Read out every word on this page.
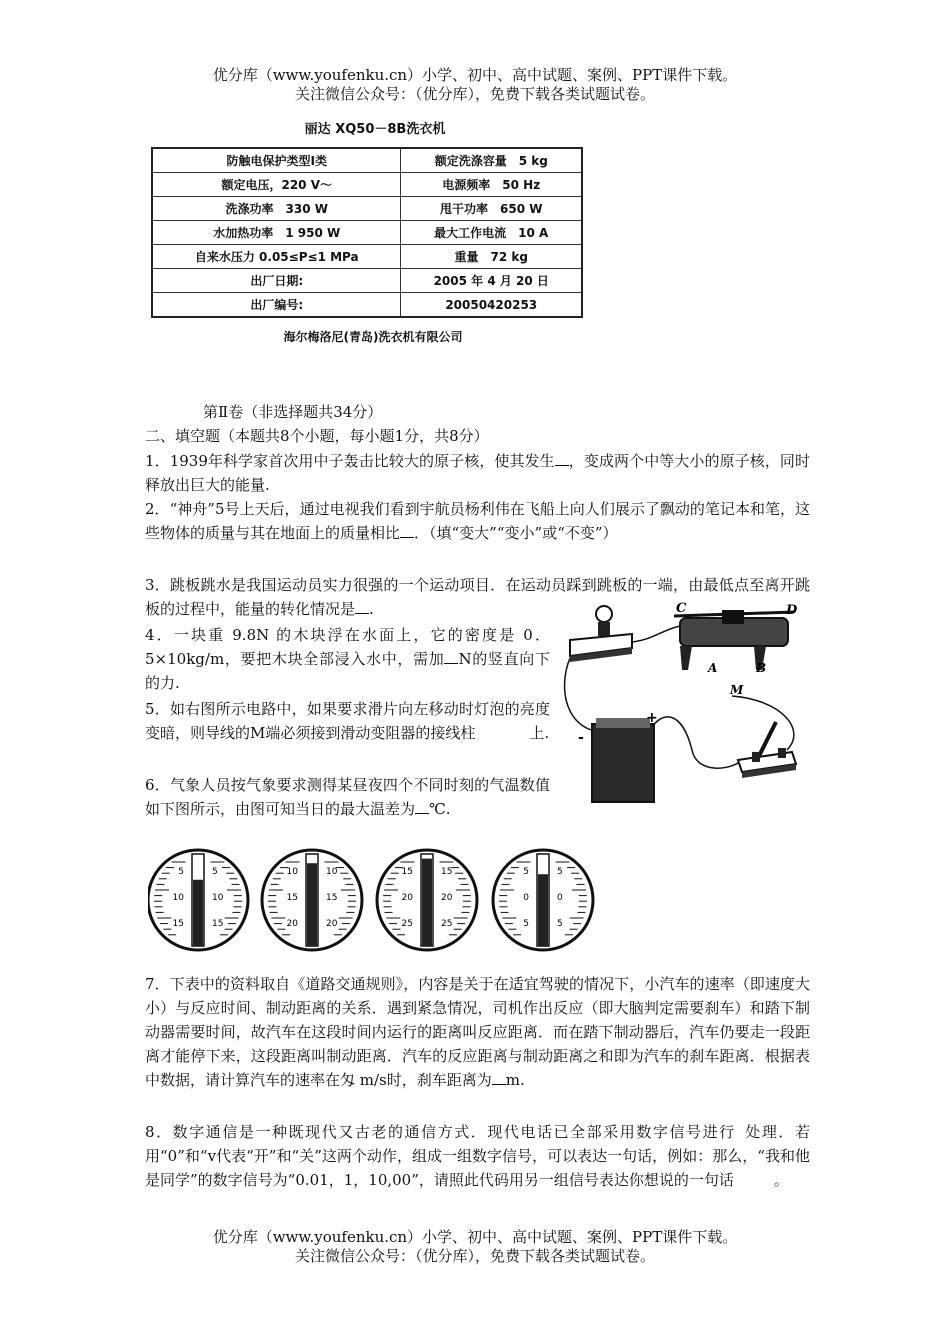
优分库（www.youfenku.cn）小学、初中、高中试题、案例、PPT课件下载。
关注微信公众号：（优分库），免费下载各类试题试卷。
丽达 XQ50－8B洗衣机
防触电保护类型Ⅰ类	额定洗涤容量　5 kg
额定电压，220 V～	电源频率　50 Hz
洗涤功率　330 W	甩干功率　650 W
水加热功率　1 950 W	最大工作电流　10 A
自来水压力 0.05≤P≤1 MPa	重量　72 kg
出厂日期:	2005 年 4 月 20 日
出厂编号:	20050420253
海尔梅洛尼(青岛)洗衣机有限公司
第Ⅱ卷（非选择题共34分）
二、填空题（本题共8个小题，每小题1分，共8分）
1．1939年科学家首次用中子轰击比较大的原子核，使其发生 ，变成两个中等大小的原子核，同时释放出巨大的能量.
2．“神舟”5号上天后，通过电视我们看到宇航员杨利伟在飞船上向人们展示了飘动的笔记本和笔，这些物体的质量与其在地面上的质量相比 ．（填“变大”“变小”或“不变”）
3．跳板跳水是我国运动员实力很强的一个运动项目．在运动员踩到跳板的一端，由最低点至离开跳板的过程中，能量的转化情况是 .
4．一块重 9.8N 的木块浮在水面上，它的密度是 0．5×10kg/m，要把木块全部浸入水中，需加 N的竖直向下的力.
5．如右图所示电路中，如果要求滑片向左移动时灯泡的亮度变暗，则导线的M端必须接到滑动变阻器的接线柱	上.
6．气象人员按气象要求测得某昼夜四个不同时刻的气温数值如下图所示，由图可知当日的最大温差为 ℃.
C	D
A	B
M
+
-
5
10
15
5
10
15
10
15
20
10
15
20
15
20
25
15
20
25
5
0
5
5
0
5
7．下表中的资料取自《道路交通规则》，内容是关于在适宜驾驶的情况下，小汽车的速率（即速度大小）与反应时间、制动距离的关系．遇到紧急情况，司机作出反应（即大脑判定需要刹车）和踏下制动器需要时间，故汽车在这段时间内运行的距离叫反应距离．而在踏下制动器后，汽车仍要走一段距离才能停下来，这段距离叫制动距离．汽车的反应距离与制动距离之和即为汽车的刹车距离．根据表中数据，请计算汽车的速率在匁 m/s时，刹车距离为 m.
8．数字通信是一种既现代又古老的通信方式．现代电话已全部采用数字信号进行 处理．若用“0”和“v代表“开”和“关”这两个动作，组成一组数字信号，可以表达一句话，例如：那么，“我和他是同学”的数字信号为“0.01，1，10,00”，请照此代码用另一组信号表达你想说的一句话	。
优分库（www.youfenku.cn）小学、初中、高中试题、案例、PPT课件下载。
关注微信公众号：（优分库），免费下载各类试题试卷。
